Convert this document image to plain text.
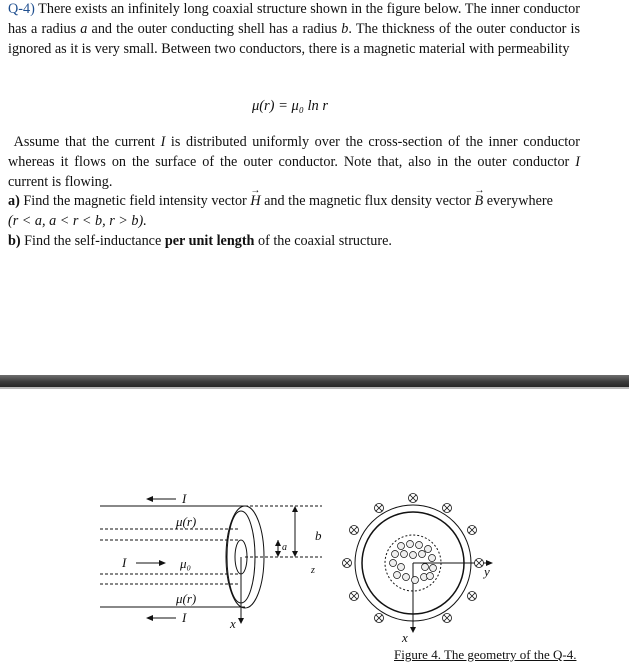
Q-4) There exists an infinitely long coaxial structure shown in the figure below. The inner conductor has a radius a and the outer conducting shell has a radius b. The thickness of the outer conductor is ignored as it is very small. Between two conductors, there is a magnetic material with permeability
μ(r) = μ₀ ln r
Assume that the current I is distributed uniformly over the cross-section of the inner conductor whereas it flows on the surface of the outer conductor. Note that, also in the outer conductor I current is flowing.
a) Find the magnetic field intensity vector → H and the magnetic flux density vector → B everywhere
(r < a, a < r < b, r > b).
b) Find the self-inductance per unit length of the coaxial structure.
I
μ(r)
I	μ₀
μ(r)
I	x
z
a
b
x
y
Figure 4. The geometry of the Q-4.
